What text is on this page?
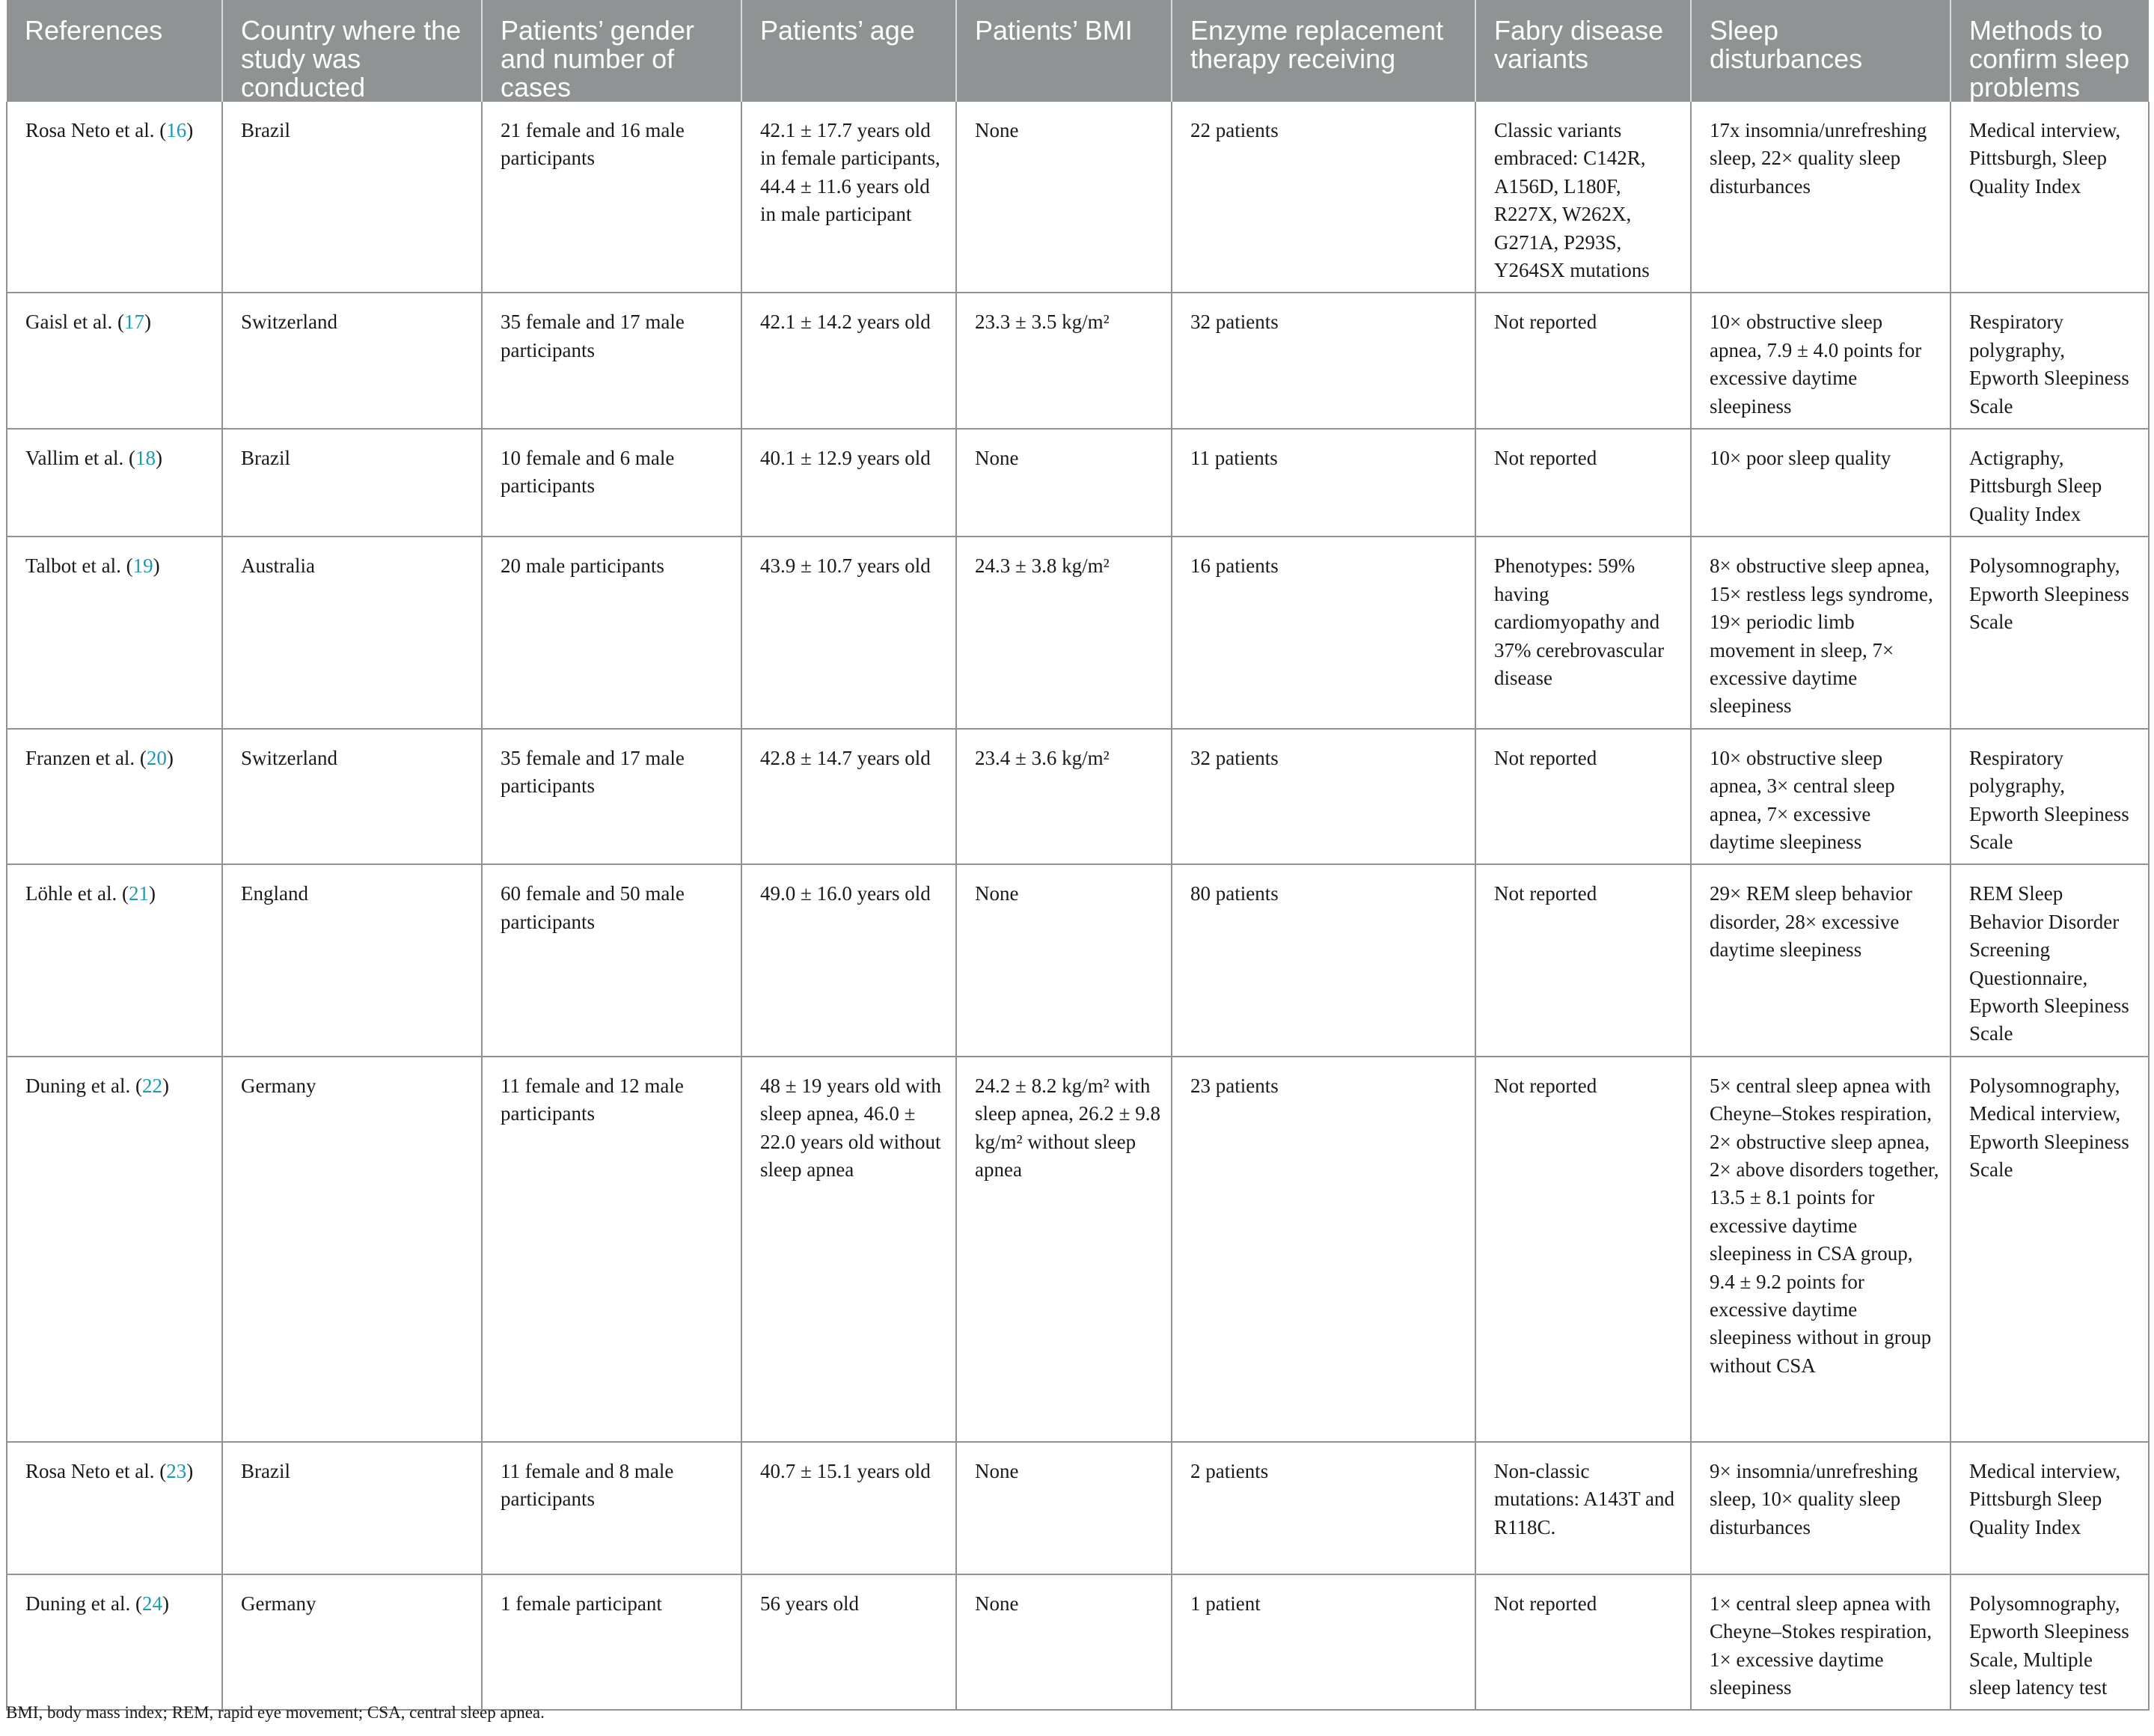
References	Country where the study was conducted	Patients’ gender and number of cases	Patients’ age	Patients’ BMI	Enzyme replacement therapy receiving	Fabry disease variants	Sleep disturbances	Methods to confirm sleep problems
Rosa Neto et al. (16)	Brazil	21 female and 16 male participants	42.1 ± 17.7 years old in female participants, 44.4 ± 11.6 years old in male participant	None	22 patients	Classic variants embraced: C142R, A156D, L180F, R227X, W262X, G271A, P293S, Y264SX mutations	17x insomnia/unrefreshing sleep, 22× quality sleep disturbances	Medical interview, Pittsburgh, Sleep Quality Index
Gaisl et al. (17)	Switzerland	35 female and 17 male participants	42.1 ± 14.2 years old	23.3 ± 3.5 kg/m²	32 patients	Not reported	10× obstructive sleep apnea, 7.9 ± 4.0 points for excessive daytime sleepiness	Respiratory polygraphy, Epworth Sleepiness Scale
Vallim et al. (18)	Brazil	10 female and 6 male participants	40.1 ± 12.9 years old	None	11 patients	Not reported	10× poor sleep quality	Actigraphy, Pittsburgh Sleep Quality Index
Talbot et al. (19)	Australia	20 male participants	43.9 ± 10.7 years old	24.3 ± 3.8 kg/m²	16 patients	Phenotypes: 59% having cardiomyopathy and 37% cerebrovascular disease	8× obstructive sleep apnea, 15× restless legs syndrome, 19× periodic limb movement in sleep, 7× excessive daytime sleepiness	Polysomnography, Epworth Sleepiness Scale
Franzen et al. (20)	Switzerland	35 female and 17 male participants	42.8 ± 14.7 years old	23.4 ± 3.6 kg/m²	32 patients	Not reported	10× obstructive sleep apnea, 3× central sleep apnea, 7× excessive daytime sleepiness	Respiratory polygraphy, Epworth Sleepiness Scale
Löhle et al. (21)	England	60 female and 50 male participants	49.0 ± 16.0 years old	None	80 patients	Not reported	29× REM sleep behavior disorder, 28× excessive daytime sleepiness	REM Sleep Behavior Disorder Screening Questionnaire, Epworth Sleepiness Scale
Duning et al. (22)	Germany	11 female and 12 male participants	48 ± 19 years old with sleep apnea, 46.0 ± 22.0 years old without sleep apnea	24.2 ± 8.2 kg/m² with sleep apnea, 26.2 ± 9.8 kg/m² without sleep apnea	23 patients	Not reported	5× central sleep apnea with Cheyne–Stokes respiration, 2× obstructive sleep apnea, 2× above disorders together, 13.5 ± 8.1 points for excessive daytime sleepiness in CSA group, 9.4 ± 9.2 points for excessive daytime sleepiness without in group without CSA	Polysomnography, Medical interview, Epworth Sleepiness Scale
Rosa Neto et al. (23)	Brazil	11 female and 8 male participants	40.7 ± 15.1 years old	None	2 patients	Non-classic mutations: A143T and R118C.	9× insomnia/unrefreshing sleep, 10× quality sleep disturbances	Medical interview, Pittsburgh Sleep Quality Index
Duning et al. (24)	Germany	1 female participant	56 years old	None	1 patient	Not reported	1× central sleep apnea with Cheyne–Stokes respiration, 1× excessive daytime sleepiness	Polysomnography, Epworth Sleepiness Scale, Multiple sleep latency test
BMI, body mass index; REM, rapid eye movement; CSA, central sleep apnea.
